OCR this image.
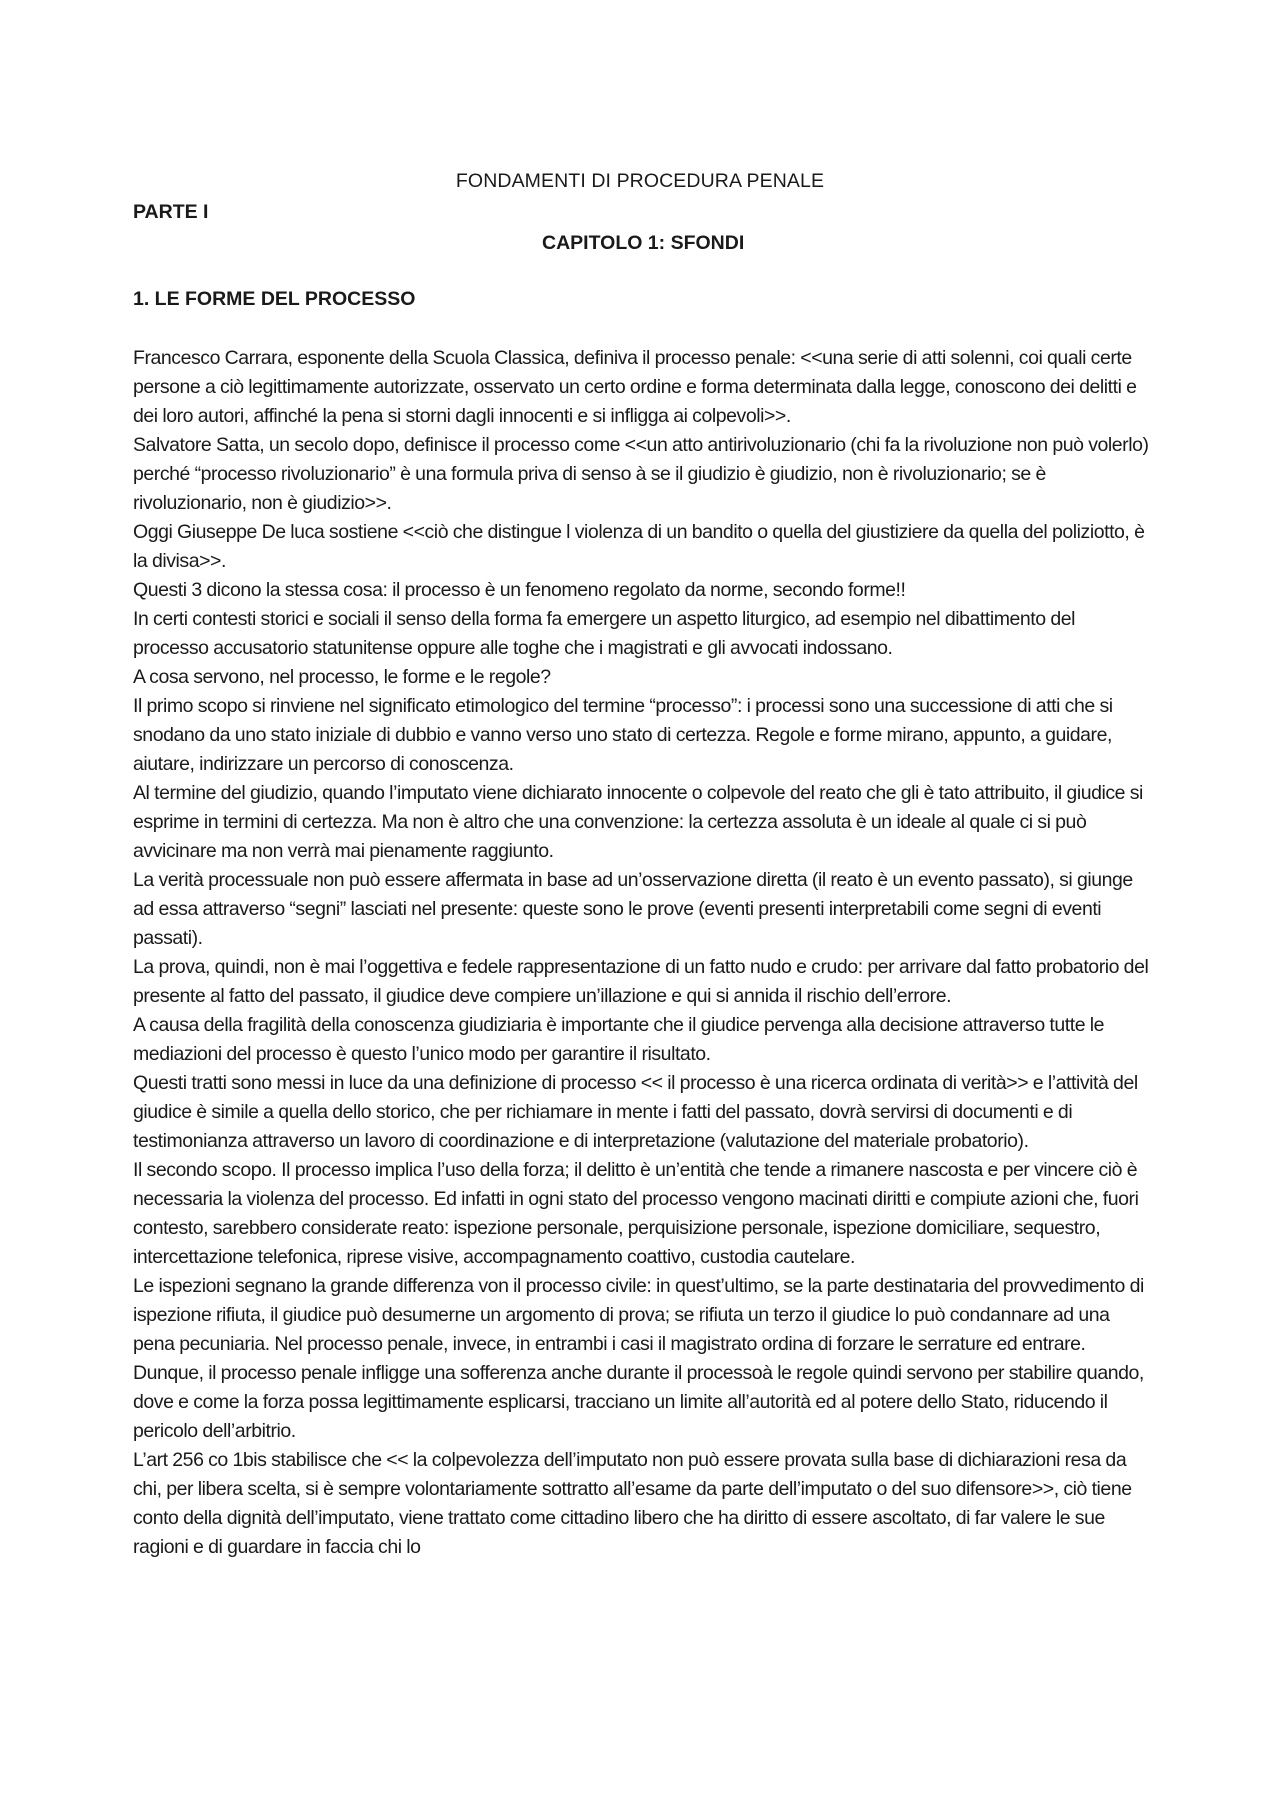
FONDAMENTI DI PROCEDURA PENALE
PARTE I
CAPITOLO 1: SFONDI
1. LE FORME DEL PROCESSO

Francesco Carrara, esponente della Scuola Classica, definiva il processo penale: <<una serie di atti solenni, coi quali certe persone a ciò legittimamente autorizzate, osservato un certo ordine e forma determinata dalla legge, conoscono dei delitti e dei loro autori, affinché la pena si storni dagli innocenti e si infligga ai colpevoli>>.

Salvatore Satta, un secolo dopo, definisce il processo come <<un atto antirivoluzionario (chi fa la rivoluzione non può volerlo) perché “processo rivoluzionario” è una formula priva di senso à se il giudizio è giudizio, non è rivoluzionario; se è rivoluzionario, non è giudizio>>.

Oggi Giuseppe De luca sostiene <<ciò che distingue l violenza di un bandito o quella del giustiziere da quella del poliziotto, è la divisa>>.

Questi 3 dicono la stessa cosa: il processo è un fenomeno regolato da norme, secondo forme!!

In certi contesti storici e sociali il senso della forma fa emergere un aspetto liturgico, ad esempio nel dibattimento del processo accusatorio statunitense oppure alle toghe che i magistrati e gli avvocati indossano.

A cosa servono, nel processo, le forme e le regole?

Il primo scopo si rinviene nel significato etimologico del termine “processo”: i processi sono una successione di atti che si snodano da uno stato iniziale di dubbio e vanno verso uno stato di certezza. Regole e forme mirano, appunto, a guidare, aiutare, indirizzare un percorso di conoscenza.

Al termine del giudizio, quando l’imputato viene dichiarato innocente o colpevole del reato che gli è tato attribuito, il giudice si esprime in termini di certezza. Ma non è altro che una convenzione: la certezza assoluta è un ideale al quale ci si può avvicinare ma non verrà mai pienamente raggiunto.

La verità processuale non può essere affermata in base ad un’osservazione diretta (il reato è un evento passato), si giunge ad essa attraverso “segni” lasciati nel presente: queste sono le prove (eventi presenti interpretabili come segni di eventi passati).

La prova, quindi, non è mai l’oggettiva e fedele rappresentazione di un fatto nudo e crudo: per arrivare dal fatto probatorio del presente al fatto del passato, il giudice deve compiere un’illazione e qui si annida il rischio dell’errore.

A causa della fragilità della conoscenza giudiziaria è importante che il giudice pervenga alla decisione attraverso tutte le mediazioni del processo è questo l’unico modo per garantire il risultato.

Questi tratti sono messi in luce da una definizione di processo << il processo è una ricerca ordinata di verità>> e l’attività del giudice è simile a quella dello storico, che per richiamare in mente i fatti del passato, dovrà servirsi di documenti e di testimonianza attraverso un lavoro di coordinazione e di interpretazione (valutazione del materiale probatorio).

Il secondo scopo. Il processo implica l’uso della forza; il delitto è un’entità che tende a rimanere nascosta e per vincere ciò è necessaria la violenza del processo. Ed infatti in ogni stato del processo vengono macinati diritti e compiute azioni che, fuori contesto, sarebbero considerate reato: ispezione personale, perquisizione personale, ispezione domiciliare, sequestro, intercettazione telefonica, riprese visive, accompagnamento coattivo, custodia cautelare.

Le ispezioni segnano la grande differenza von il processo civile: in quest’ultimo, se la parte destinataria del provvedimento di ispezione rifiuta, il giudice può desumerne un argomento di prova; se rifiuta un terzo il giudice lo può condannare ad una pena pecuniaria. Nel processo penale, invece, in entrambi i casi il magistrato ordina di forzare le serrature ed entrare.

Dunque, il processo penale infligge una sofferenza anche durante il processoà le regole quindi servono per stabilire quando, dove e come la forza possa legittimamente esplicarsi, tracciano un limite all’autorità ed al potere dello Stato, riducendo il pericolo dell’arbitrio.

L’art 256 co 1bis stabilisce che << la colpevolezza dell’imputato non può essere provata sulla base di dichiarazioni resa da chi, per libera scelta, si è sempre volontariamente sottratto all’esame da parte dell’imputato o del suo difensore>>, ciò tiene conto della dignità dell’imputato, viene trattato come cittadino libero che ha diritto di essere ascoltato, di far valere le sue ragioni e di guardare in faccia chi lo
